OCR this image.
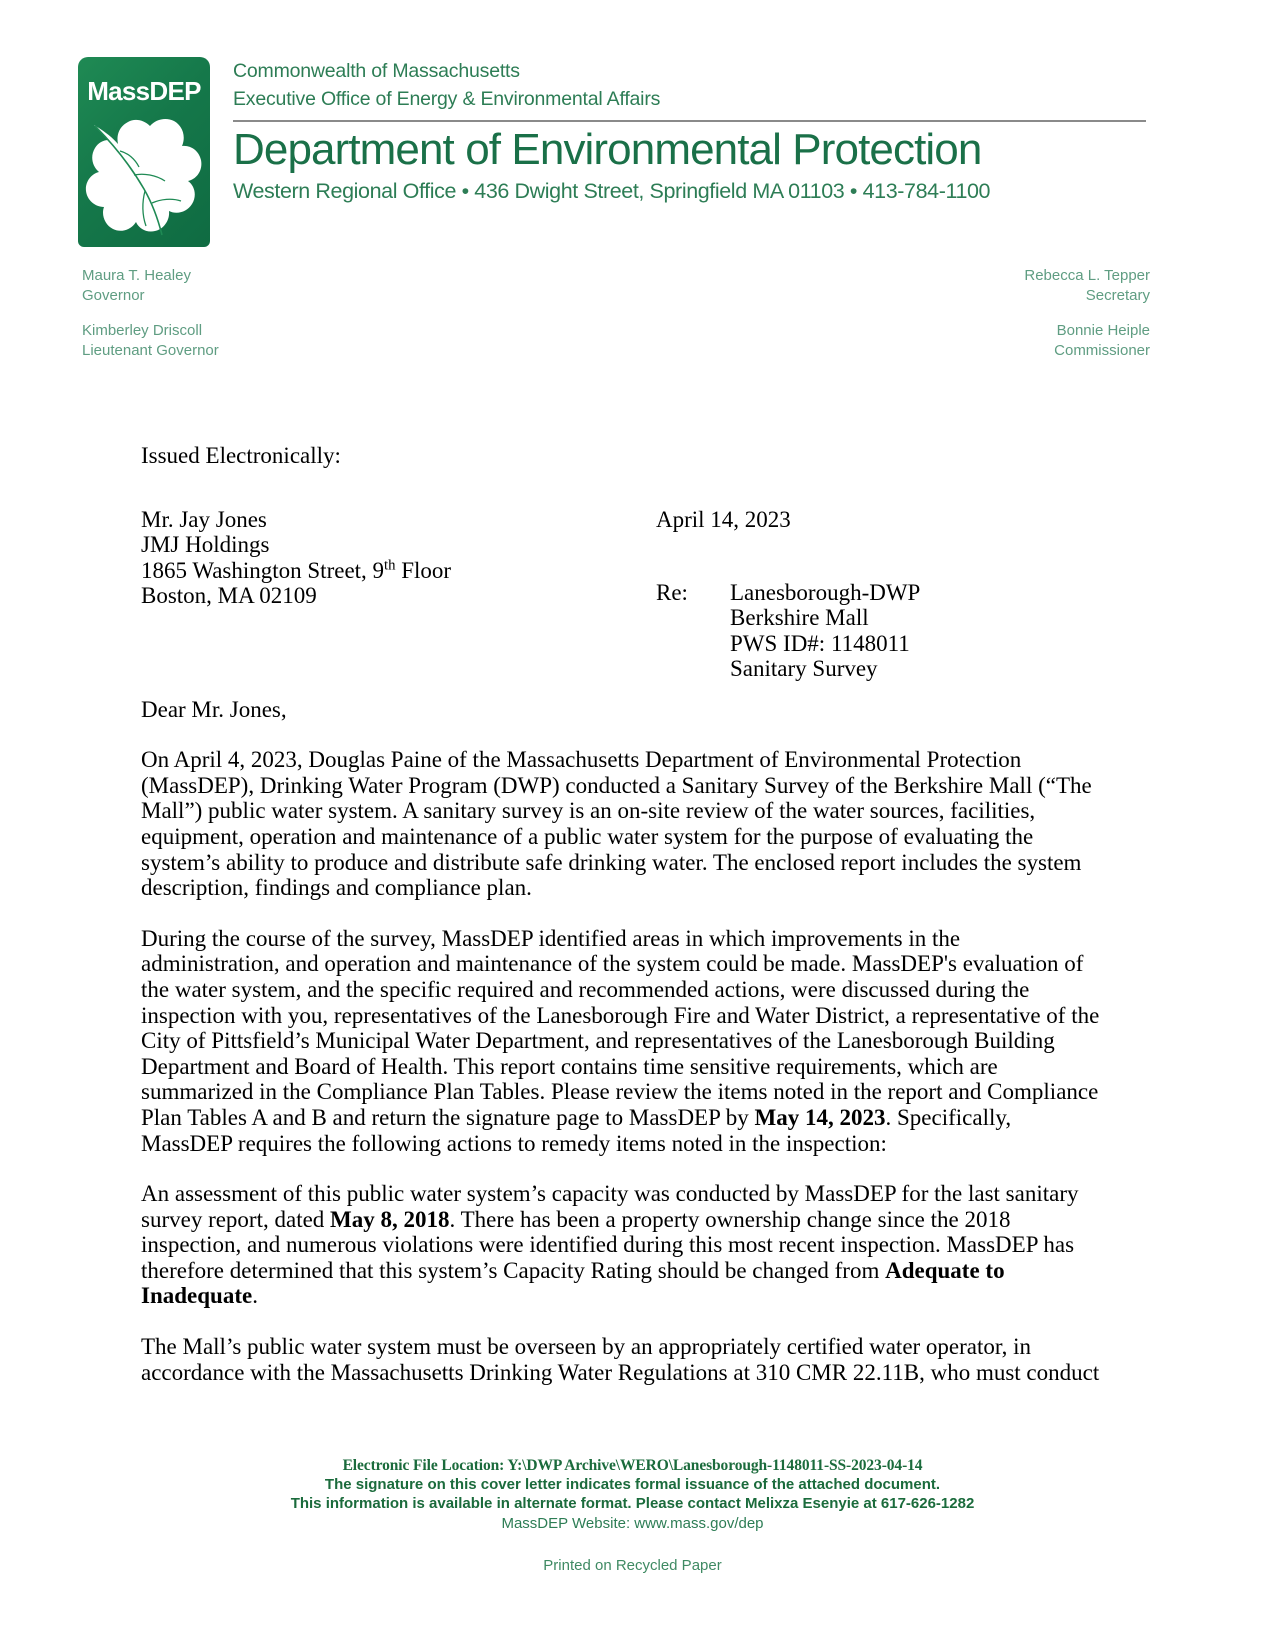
MassDEP
Commonwealth of Massachusetts
Executive Office of Energy & Environmental Affairs
Department of Environmental Protection
Western Regional Office • 436 Dwight Street, Springfield MA 01103 • 413-784-1100
Maura T. Healey
Governor
Kimberley Driscoll
Lieutenant Governor
Rebecca L. Tepper
Secretary
Bonnie Heiple
Commissioner
Issued Electronically:
Mr. Jay Jones
JMJ Holdings
1865 Washington Street, 9th Floor
Boston, MA 02109
April 14, 2023
Re:	Lanesborough-DWP
Berkshire Mall
PWS ID#: 1148011
Sanitary Survey

Dear Mr. Jones,

On April 4, 2023, Douglas Paine of the Massachusetts Department of Environmental Protection (MassDEP), Drinking Water Program (DWP) conducted a Sanitary Survey of the Berkshire Mall (“The Mall”) public water system. A sanitary survey is an on-site review of the water sources, facilities, equipment, operation and maintenance of a public water system for the purpose of evaluating the system’s ability to produce and distribute safe drinking water. The enclosed report includes the system description, findings and compliance plan.

During the course of the survey, MassDEP identified areas in which improvements in the administration, and operation and maintenance of the system could be made. MassDEP's evaluation of the water system, and the specific required and recommended actions, were discussed during the inspection with you, representatives of the Lanesborough Fire and Water District, a representative of the City of Pittsfield’s Municipal Water Department, and representatives of the Lanesborough Building Department and Board of Health. This report contains time sensitive requirements, which are summarized in the Compliance Plan Tables. Please review the items noted in the report and Compliance Plan Tables A and B and return the signature page to MassDEP by May 14, 2023. Specifically, MassDEP requires the following actions to remedy items noted in the inspection:

An assessment of this public water system’s capacity was conducted by MassDEP for the last sanitary survey report, dated May 8, 2018. There has been a property ownership change since the 2018 inspection, and numerous violations were identified during this most recent inspection. MassDEP has therefore determined that this system’s Capacity Rating should be changed from Adequate to Inadequate.

The Mall’s public water system must be overseen by an appropriately certified water operator, in accordance with the Massachusetts Drinking Water Regulations at 310 CMR 22.11B, who must conduct

Electronic File Location: Y:\DWP Archive\WERO\Lanesborough-1148011-SS-2023-04-14
The signature on this cover letter indicates formal issuance of the attached document.
This information is available in alternate format. Please contact Melixza Esenyie at 617-626-1282
MassDEP Website: www.mass.gov/dep
Printed on Recycled Paper
